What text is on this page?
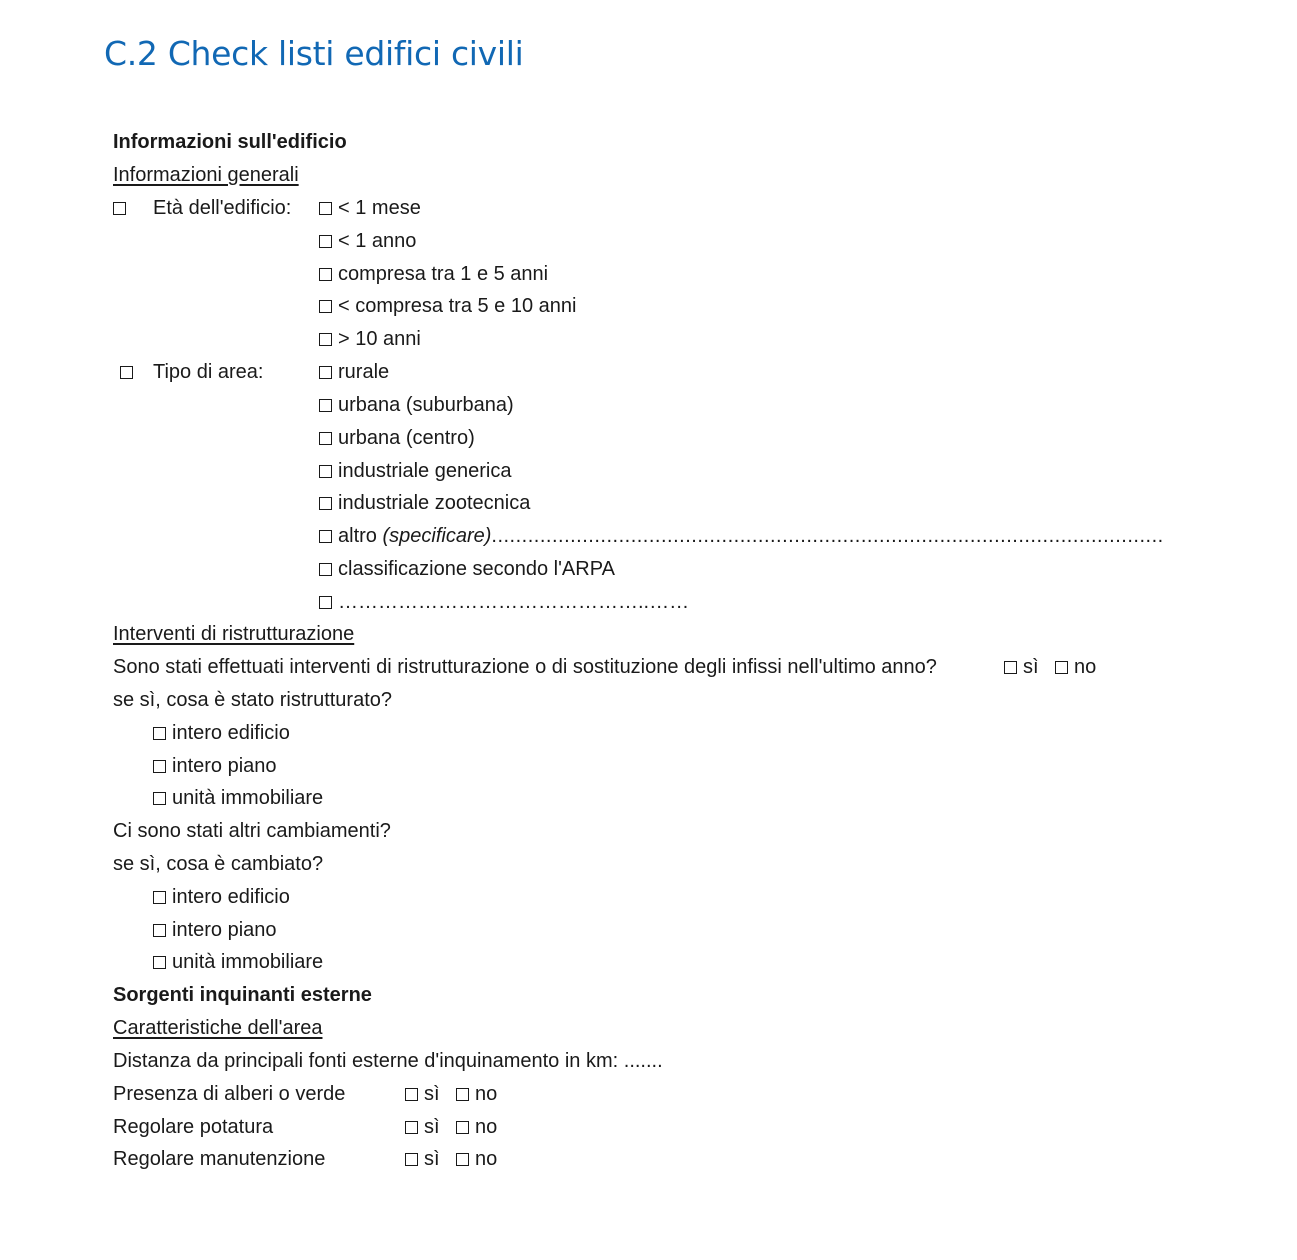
C.2 Check listi edifici civili
Informazioni sull'edificio
Informazioni generali
Età dell'edificio:	< 1 mese
< 1 anno
compresa tra 1 e 5 anni
< compresa tra 5 e 10 anni
> 10 anni
Tipo di area:	rurale
urbana (suburbana)
urbana (centro)
industriale generica
industriale zootecnica
altro (specificare)...............................................................................................................
classificazione secondo l'ARPA
………………………………………..……
Interventi di ristrutturazione
Sono stati effettuati interventi di ristrutturazione o di sostituzione degli infissi nell'ultimo anno?	sì	no
se sì, cosa è stato ristrutturato?
intero edificio
intero piano
unità immobiliare
Ci sono stati altri cambiamenti?
se sì, cosa è cambiato?
intero edificio
intero piano
unità immobiliare
Sorgenti inquinanti esterne
Caratteristiche dell'area
Distanza da principali fonti esterne d'inquinamento in km: .......
Presenza di alberi o verde	sì	no
Regolare potatura	sì	no
Regolare manutenzione	sì	no
